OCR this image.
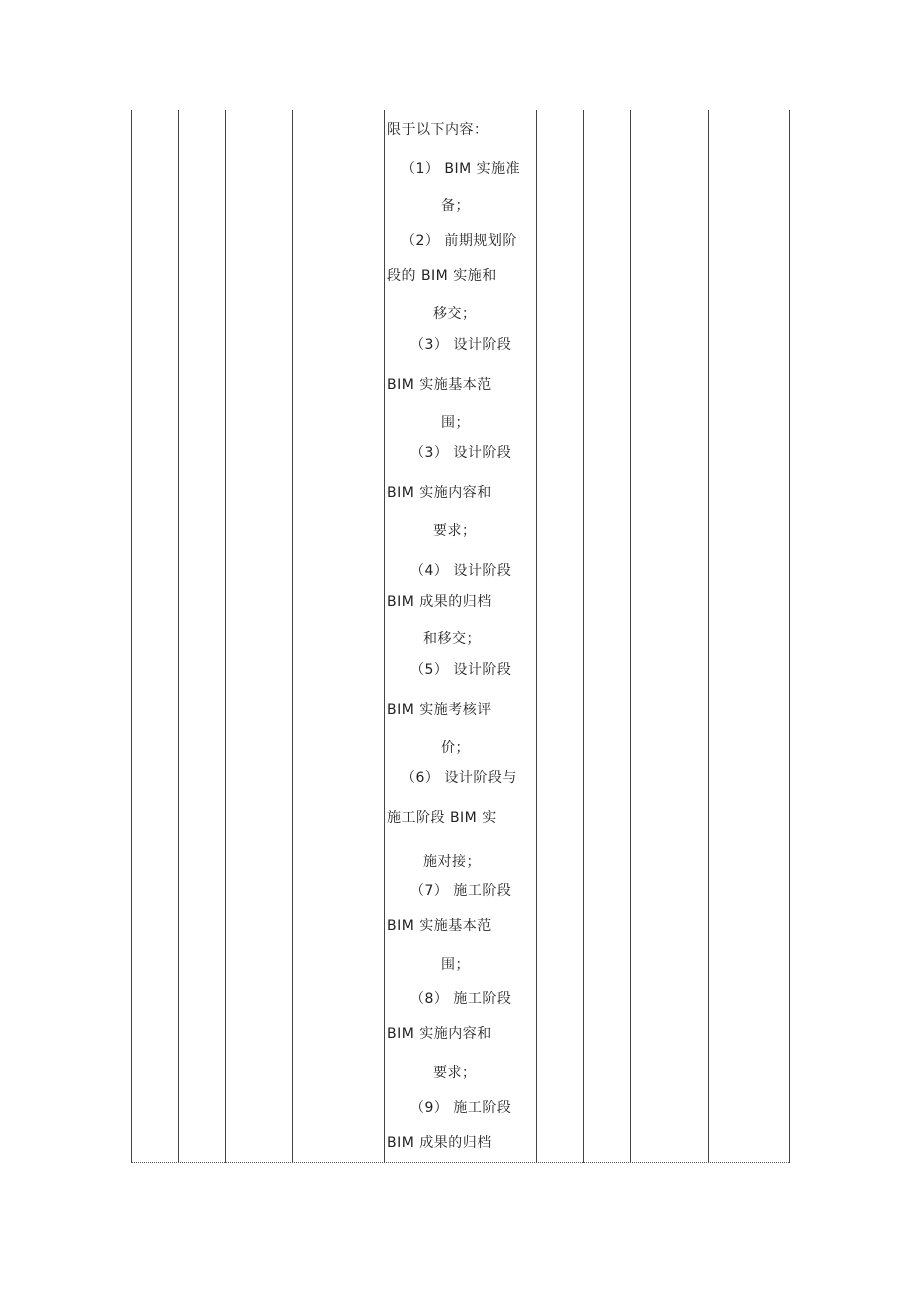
限于以下内容：
（1） BIM 实施准
备；
（2） 前期规划阶
段的 BIM 实施和
移交；
（3） 设计阶段
BIM 实施基本范
围；
（3） 设计阶段
BIM 实施内容和
要求；
（4） 设计阶段
BIM 成果的归档
和移交；
（5） 设计阶段
BIM 实施考核评
价；
（6） 设计阶段与
施工阶段 BIM 实
施对接；
（7） 施工阶段
BIM 实施基本范
围；
（8） 施工阶段
BIM 实施内容和
要求；
（9） 施工阶段
BIM 成果的归档
